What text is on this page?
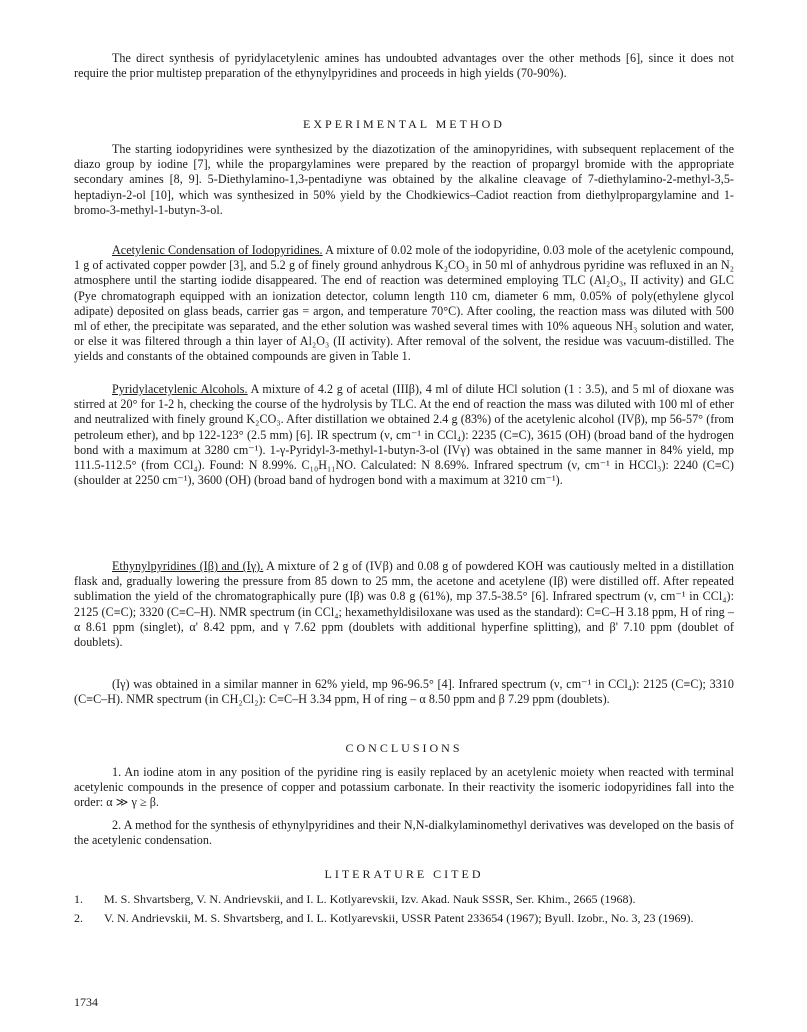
The direct synthesis of pyridylacetylenic amines has undoubted advantages over the other methods [6], since it does not require the prior multistep preparation of the ethynylpyridines and proceeds in high yields (70-90%).

EXPERIMENTAL METHOD

The starting iodopyridines were synthesized by the diazotization of the aminopyridines, with subsequent replacement of the diazo group by iodine [7], while the propargylamines were prepared by the reaction of propargyl bromide with the appropriate secondary amines [8, 9]. 5-Diethylamino-1,3-pentadiyne was obtained by the alkaline cleavage of 7-diethylamino-2-methyl-3,5-heptadiyn-2-ol [10], which was synthesized in 50% yield by the Chodkiewics–Cadiot reaction from diethylpropargylamine and 1-bromo-3-methyl-1-butyn-3-ol.

Acetylenic Condensation of Iodopyridines. A mixture of 0.02 mole of the iodopyridine, 0.03 mole of the acetylenic compound, 1 g of activated copper powder [3], and 5.2 g of finely ground anhydrous K₂CO₃ in 50 ml of anhydrous pyridine was refluxed in an N₂ atmosphere until the starting iodide disappeared. The end of reaction was determined employing TLC (Al₂O₃, II activity) and GLC (Pye chromatograph equipped with an ionization detector, column length 110 cm, diameter 6 mm, 0.05% of poly(ethylene glycol adipate) deposited on glass beads, carrier gas = argon, and temperature 70°C). After cooling, the reaction mass was diluted with 500 ml of ether, the precipitate was separated, and the ether solution was washed several times with 10% aqueous NH₃ solution and water, or else it was filtered through a thin layer of Al₂O₃ (II activity). After removal of the solvent, the residue was vacuum-distilled. The yields and constants of the obtained compounds are given in Table 1.

Pyridylacetylenic Alcohols. A mixture of 4.2 g of acetal (IIIβ), 4 ml of dilute HCl solution (1 : 3.5), and 5 ml of dioxane was stirred at 20° for 1-2 h, checking the course of the hydrolysis by TLC. At the end of reaction the mass was diluted with 100 ml of ether and neutralized with finely ground K₂CO₃. After distillation we obtained 2.4 g (83%) of the acetylenic alcohol (IVβ), mp 56-57° (from petroleum ether), and bp 122-123° (2.5 mm) [6]. IR spectrum (ν, cm⁻¹ in CCl₄): 2235 (C≡C), 3615 (OH) (broad band of the hydrogen bond with a maximum at 3280 cm⁻¹). 1-γ-Pyridyl-3-methyl-1-butyn-3-ol (IVγ) was obtained in the same manner in 84% yield, mp 111.5-112.5° (from CCl₄). Found: N 8.99%. C₁₀H₁₁NO. Calculated: N 8.69%. Infrared spectrum (ν, cm⁻¹ in HCCl₃): 2240 (C≡C) (shoulder at 2250 cm⁻¹), 3600 (OH) (broad band of hydrogen bond with a maximum at 3210 cm⁻¹).

Ethynylpyridines (Iβ) and (Iγ). A mixture of 2 g of (IVβ) and 0.08 g of powdered KOH was cautiously melted in a distillation flask and, gradually lowering the pressure from 85 down to 25 mm, the acetone and acetylene (Iβ) were distilled off. After repeated sublimation the yield of the chromatographically pure (Iβ) was 0.8 g (61%), mp 37.5-38.5° [6]. Infrared spectrum (ν, cm⁻¹ in CCl₄): 2125 (C≡C); 3320 (C≡C–H). NMR spectrum (in CCl₄; hexamethyldisiloxane was used as the standard): C≡C–H 3.18 ppm, H of ring – α 8.61 ppm (singlet), α' 8.42 ppm, and γ 7.62 ppm (doublets with additional hyperfine splitting), and β' 7.10 ppm (doublet of doublets).

(Iγ) was obtained in a similar manner in 62% yield, mp 96-96.5° [4]. Infrared spectrum (ν, cm⁻¹ in CCl₄): 2125 (C≡C); 3310 (C≡C–H). NMR spectrum (in CH₂Cl₂): C≡C–H 3.34 ppm, H of ring – α 8.50 ppm and β 7.29 ppm (doublets).

CONCLUSIONS

1. An iodine atom in any position of the pyridine ring is easily replaced by an acetylenic moiety when reacted with terminal acetylenic compounds in the presence of copper and potassium carbonate. In their reactivity the isomeric iodopyridines fall into the order: α ≫ γ ≥ β.

2. A method for the synthesis of ethynylpyridines and their N,N-dialkylaminomethyl derivatives was developed on the basis of the acetylenic condensation.

LITERATURE CITED
1.	M. S. Shvartsberg, V. N. Andrievskii, and I. L. Kotlyarevskii, Izv. Akad. Nauk SSSR, Ser. Khim., 2665 (1968).
2.	V. N. Andrievskii, M. S. Shvartsberg, and I. L. Kotlyarevskii, USSR Patent 233654 (1967); Byull. Izobr., No. 3, 23 (1969).
1734
